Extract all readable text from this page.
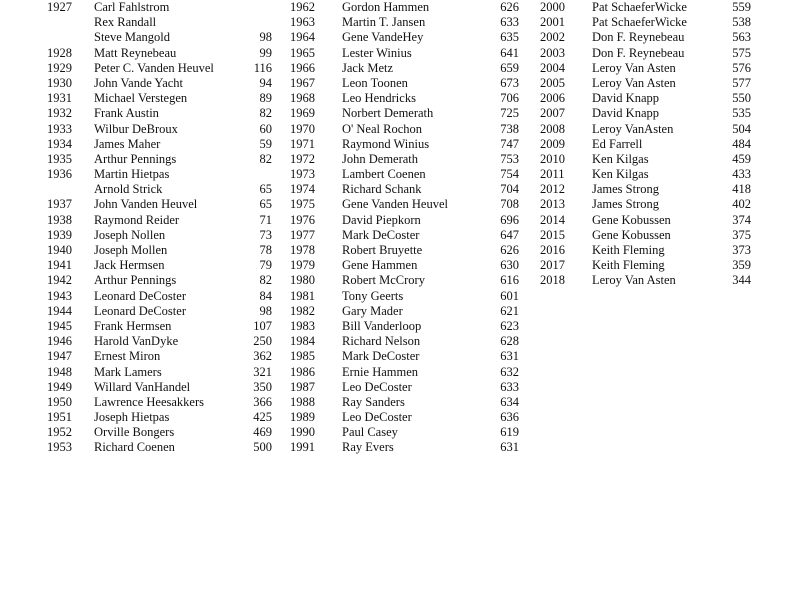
1927 Carl Fahlstrom
Rex Randall
Steve Mangold	98
1928 Matt Reynebeau	99
1929 Peter C. Vanden Heuvel	116
1930 John Vande Yacht	94
1931 Michael Verstegen	89
1932 Frank Austin	82
1933 Wilbur DeBroux	60
1934 James Maher	59
1935 Arthur Pennings	82
1936 Martin Hietpas
Arnold Strick	65
1937 John Vanden Heuvel	65
1938 Raymond Reider	71
1939 Joseph Nollen	73
1940 Joseph Mollen	78
1941 Jack Hermsen	79
1942 Arthur Pennings	82
1943 Leonard DeCoster	84
1944 Leonard DeCoster	98
1945 Frank Hermsen	107
1946 Harold VanDyke	250
1947 Ernest Miron	362
1948 Mark Lamers	321
1949 Willard VanHandel	350
1950 Lawrence Heesakkers	366
1951 Joseph Hietpas	425
1952 Orville Bongers	469
1953 Richard Coenen	500
1962 Gordon Hammen	626
1963 Martin T. Jansen	633
1964 Gene VandeHey	635
1965 Lester Winius	641
1966 Jack Metz	659
1967 Leon Toonen	673
1968 Leo Hendricks	706
1969 Norbert Demerath	725
1970 O' Neal Rochon	738
1971 Raymond Winius	747
1972 John Demerath	753
1973 Lambert Coenen	754
1974 Richard Schank	704
1975 Gene Vanden Heuvel	708
1976 David Piepkorn	696
1977 Mark DeCoster	647
1978 Robert Bruyette	626
1979 Gene Hammen	630
1980 Robert McCrory	616
1981 Tony Geerts	601
1982 Gary Mader	621
1983 Bill Vanderloop	623
1984 Richard Nelson	628
1985 Mark DeCoster	631
1986 Ernie Hammen	632
1987 Leo DeCoster	633
1988 Ray Sanders	634
1989 Leo DeCoster	636
1990 Paul Casey	619
1991 Ray Evers	631
2000 Pat SchaeferWicke	559
2001 Pat SchaeferWicke	538
2002 Don F. Reynebeau	563
2003 Don F. Reynebeau	575
2004 Leroy Van Asten	576
2005 Leroy Van Asten	577
2006 David Knapp	550
2007 David Knapp	535
2008 Leroy VanAsten	504
2009 Ed Farrell	484
2010 Ken Kilgas	459
2011 Ken Kilgas	433
2012 James Strong	418
2013 James Strong	402
2014 Gene Kobussen	374
2015 Gene Kobussen	375
2016 Keith Fleming	373
2017 Keith Fleming	359
2018 Leroy Van Asten	344
